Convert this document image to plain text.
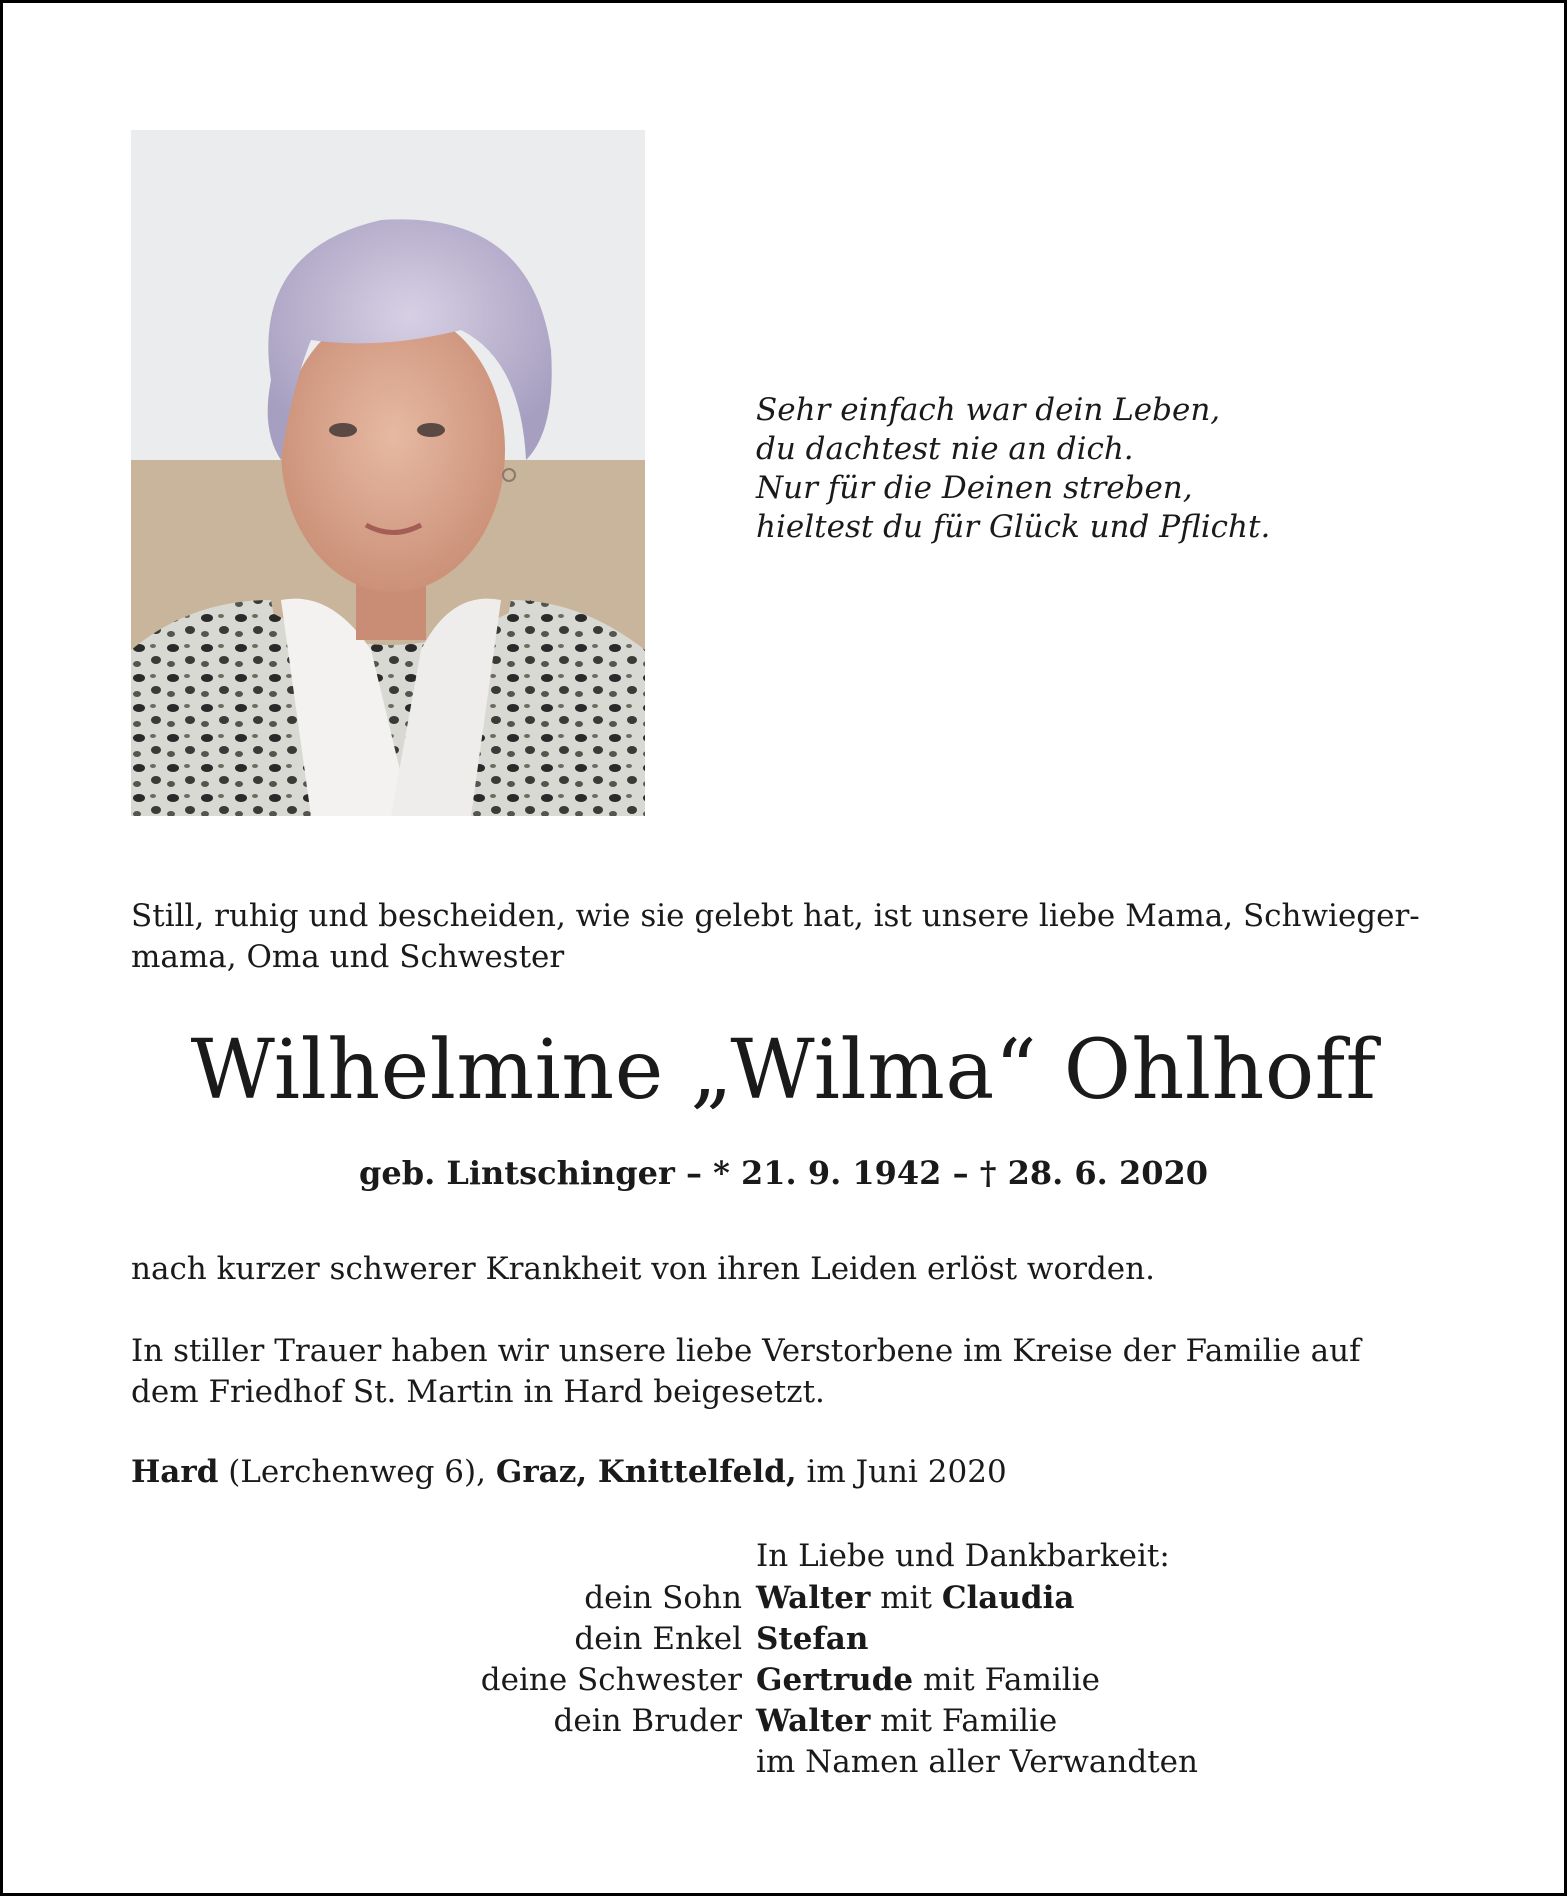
Sehr einfach war dein Leben,
du dachtest nie an dich.
Nur für die Deinen streben,
hieltest du für Glück und Pflicht.
Still, ruhig und bescheiden, wie sie gelebt hat, ist unsere liebe Mama, Schwieger-
mama, Oma und Schwester
Wilhelmine „Wilma“ Ohlhoff
geb. Lintschinger – * 21. 9. 1942 – † 28. 6. 2020
nach kurzer schwerer Krankheit von ihren Leiden erlöst worden.
In stiller Trauer haben wir unsere liebe Verstorbene im Kreise der Familie auf
dem Friedhof St. Martin in Hard beigesetzt.
Hard (Lerchenweg 6), Graz, Knittelfeld, im Juni 2020
In Liebe und Dankbarkeit:
dein Sohn Walter mit Claudia
dein Enkel Stefan
deine Schwester Gertrude mit Familie
dein Bruder Walter mit Familie
im Namen aller Verwandten
